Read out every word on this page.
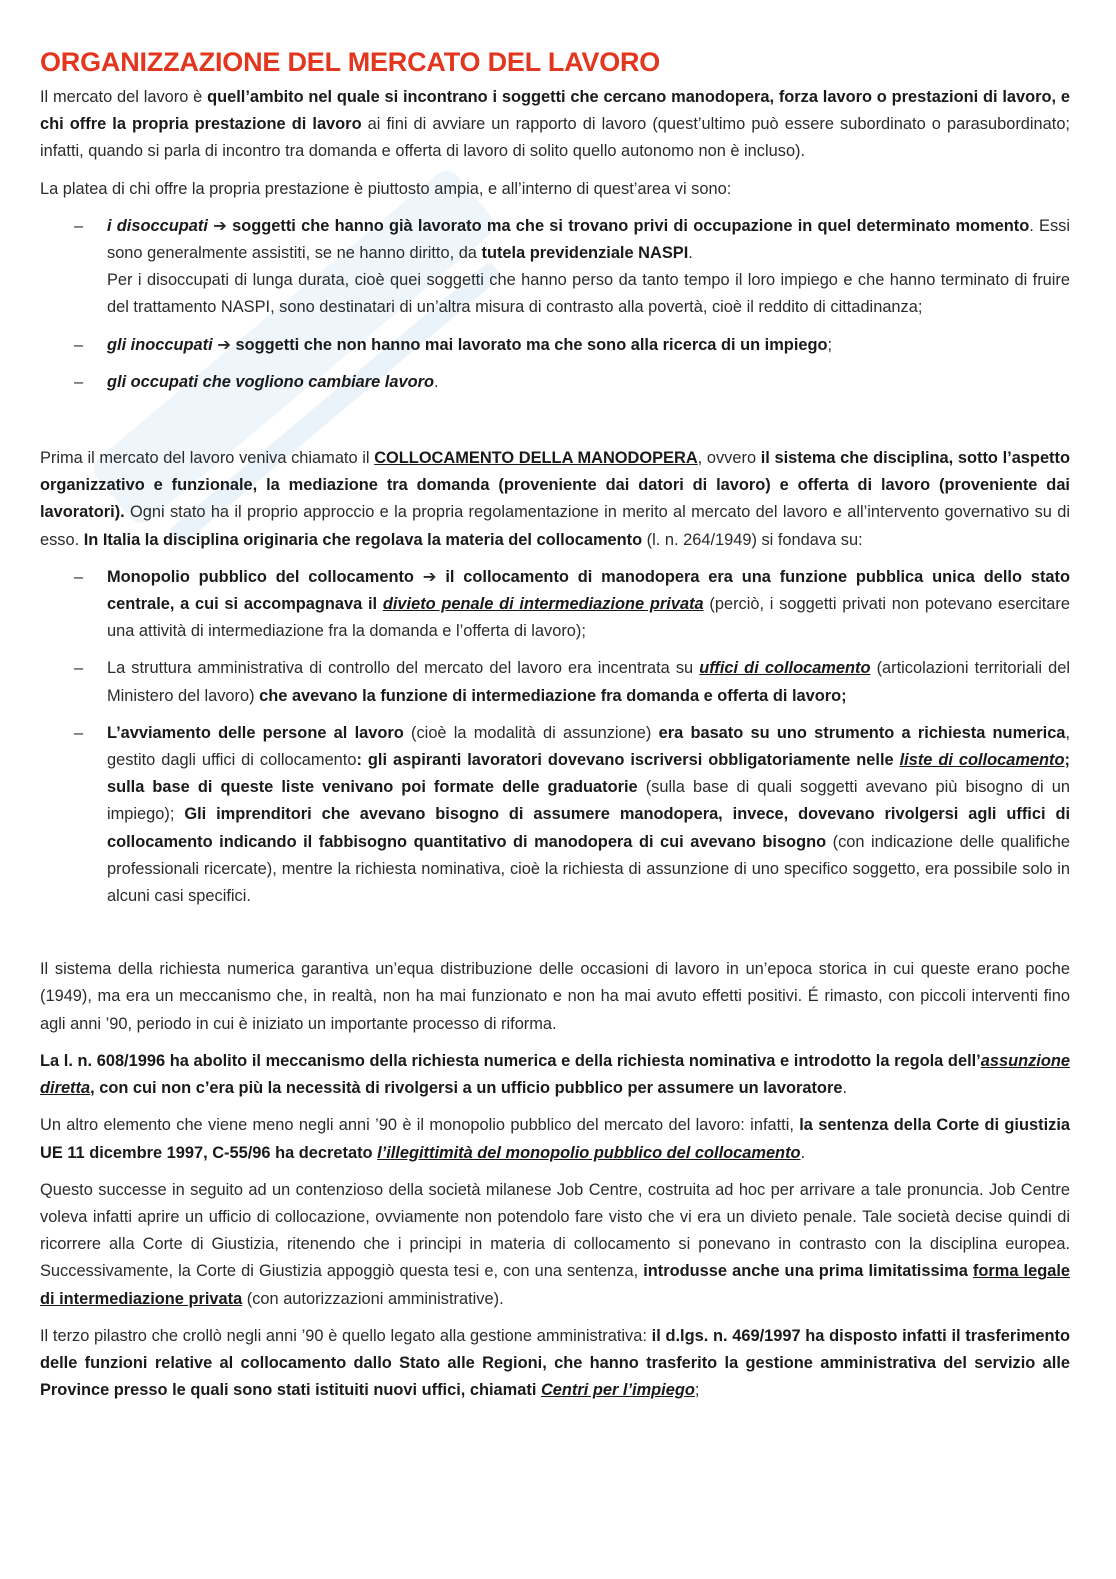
ORGANIZZAZIONE DEL MERCATO DEL LAVORO

Il mercato del lavoro è quell’ambito nel quale si incontrano i soggetti che cercano manodopera, forza lavoro o prestazioni di lavoro, e chi offre la propria prestazione di lavoro ai fini di avviare un rapporto di lavoro (quest’ultimo può essere subordinato o parasubordinato; infatti, quando si parla di incontro tra domanda e offerta di lavoro di solito quello autonomo non è incluso).

La platea di chi offre la propria prestazione è piuttosto ampia, e all’interno di quest’area vi sono:

– i disoccupati ➔ soggetti che hanno già lavorato ma che si trovano privi di occupazione in quel determinato momento. Essi sono generalmente assistiti, se ne hanno diritto, da tutela previdenziale NASPI.
Per i disoccupati di lunga durata, cioè quei soggetti che hanno perso da tanto tempo il loro impiego e che hanno terminato di fruire del trattamento NASPI, sono destinatari di un’altra misura di contrasto alla povertà, cioè il reddito di cittadinanza;
– gli inoccupati ➔ soggetti che non hanno mai lavorato ma che sono alla ricerca di un impiego;
– gli occupati che vogliono cambiare lavoro.

Prima il mercato del lavoro veniva chiamato il COLLOCAMENTO DELLA MANODOPERA, ovvero il sistema che disciplina, sotto l’aspetto organizzativo e funzionale, la mediazione tra domanda (proveniente dai datori di lavoro) e offerta di lavoro (proveniente dai lavoratori). Ogni stato ha il proprio approccio e la propria regolamentazione in merito al mercato del lavoro e all’intervento governativo su di esso. In Italia la disciplina originaria che regolava la materia del collocamento (l. n. 264/1949) si fondava su:

– Monopolio pubblico del collocamento ➔ il collocamento di manodopera era una funzione pubblica unica dello stato centrale, a cui si accompagnava il divieto penale di intermediazione privata (perciò, i soggetti privati non potevano esercitare una attività di intermediazione fra la domanda e l’offerta di lavoro);
– La struttura amministrativa di controllo del mercato del lavoro era incentrata su uffici di collocamento (articolazioni territoriali del Ministero del lavoro) che avevano la funzione di intermediazione fra domanda e offerta di lavoro;
– L’avviamento delle persone al lavoro (cioè la modalità di assunzione) era basato su uno strumento a richiesta numerica, gestito dagli uffici di collocamento: gli aspiranti lavoratori dovevano iscriversi obbligatoriamente nelle liste di collocamento; sulla base di queste liste venivano poi formate delle graduatorie (sulla base di quali soggetti avevano più bisogno di un impiego); Gli imprenditori che avevano bisogno di assumere manodopera, invece, dovevano rivolgersi agli uffici di collocamento indicando il fabbisogno quantitativo di manodopera di cui avevano bisogno (con indicazione delle qualifiche professionali ricercate), mentre la richiesta nominativa, cioè la richiesta di assunzione di uno specifico soggetto, era possibile solo in alcuni casi specifici.

Il sistema della richiesta numerica garantiva un’equa distribuzione delle occasioni di lavoro in un’epoca storica in cui queste erano poche (1949), ma era un meccanismo che, in realtà, non ha mai funzionato e non ha mai avuto effetti positivi. É rimasto, con piccoli interventi fino agli anni ’90, periodo in cui è iniziato un importante processo di riforma.

La l. n. 608/1996 ha abolito il meccanismo della richiesta numerica e della richiesta nominativa e introdotto la regola dell’assunzione diretta, con cui non c’era più la necessità di rivolgersi a un ufficio pubblico per assumere un lavoratore.

Un altro elemento che viene meno negli anni ’90 è il monopolio pubblico del mercato del lavoro: infatti, la sentenza della Corte di giustizia UE 11 dicembre 1997, C-55/96 ha decretato l’illegittimità del monopolio pubblico del collocamento.

Questo successe in seguito ad un contenzioso della società milanese Job Centre, costruita ad hoc per arrivare a tale pronuncia. Job Centre voleva infatti aprire un ufficio di collocazione, ovviamente non potendolo fare visto che vi era un divieto penale. Tale società decise quindi di ricorrere alla Corte di Giustizia, ritenendo che i principi in materia di collocamento si ponevano in contrasto con la disciplina europea. Successivamente, la Corte di Giustizia appoggiò questa tesi e, con una sentenza, introdusse anche una prima limitatissima forma legale di intermediazione privata (con autorizzazioni amministrative).

Il terzo pilastro che crollò negli anni ’90 è quello legato alla gestione amministrativa: il d.lgs. n. 469/1997 ha disposto infatti il trasferimento delle funzioni relative al collocamento dallo Stato alle Regioni, che hanno trasferito la gestione amministrativa del servizio alle Province presso le quali sono stati istituiti nuovi uffici, chiamati Centri per l’impiego;
